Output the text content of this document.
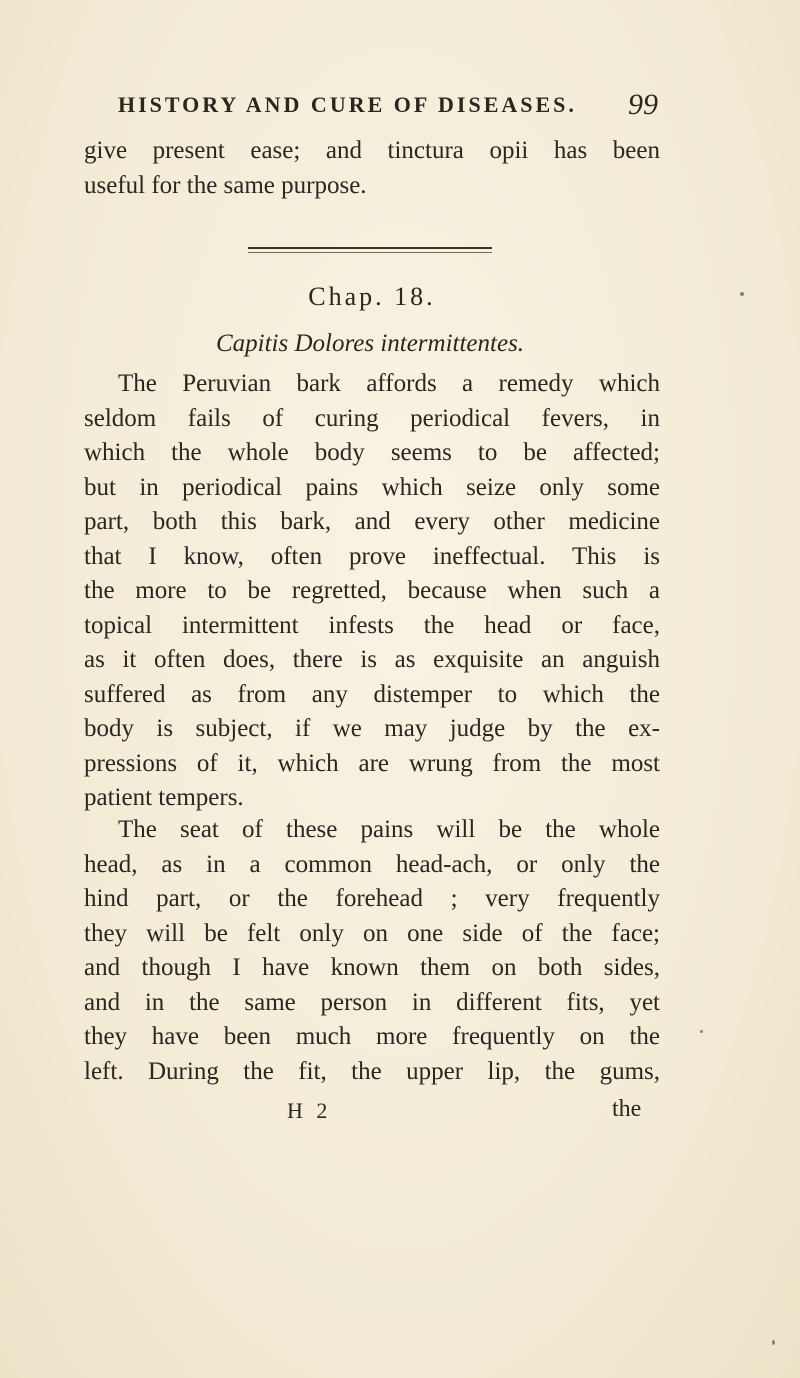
HISTORY AND CURE OF DISEASES. 99
give present ease; and tinctura opii has been
useful for the same purpose.
Chap. 18.
Capitis Dolores intermittentes.
The Peruvian bark affords a remedy which
seldom fails of curing periodical fevers, in
which the whole body seems to be affected;
but in periodical pains which seize only some
part, both this bark, and every other medicine
that I know, often prove ineffectual. This is
the more to be regretted, because when such a
topical intermittent infests the head or face,
as it often does, there is as exquisite an anguish
suffered as from any distemper to which the
body is subject, if we may judge by the ex-
pressions of it, which are wrung from the most
patient tempers.
The seat of these pains will be the whole
head, as in a common head-ach, or only the
hind part, or the forehead ; very frequently
they will be felt only on one side of the face;
and though I have known them on both sides,
and in the same person in different fits, yet
they have been much more frequently on the
left. During the fit, the upper lip, the gums,
H 2	the
